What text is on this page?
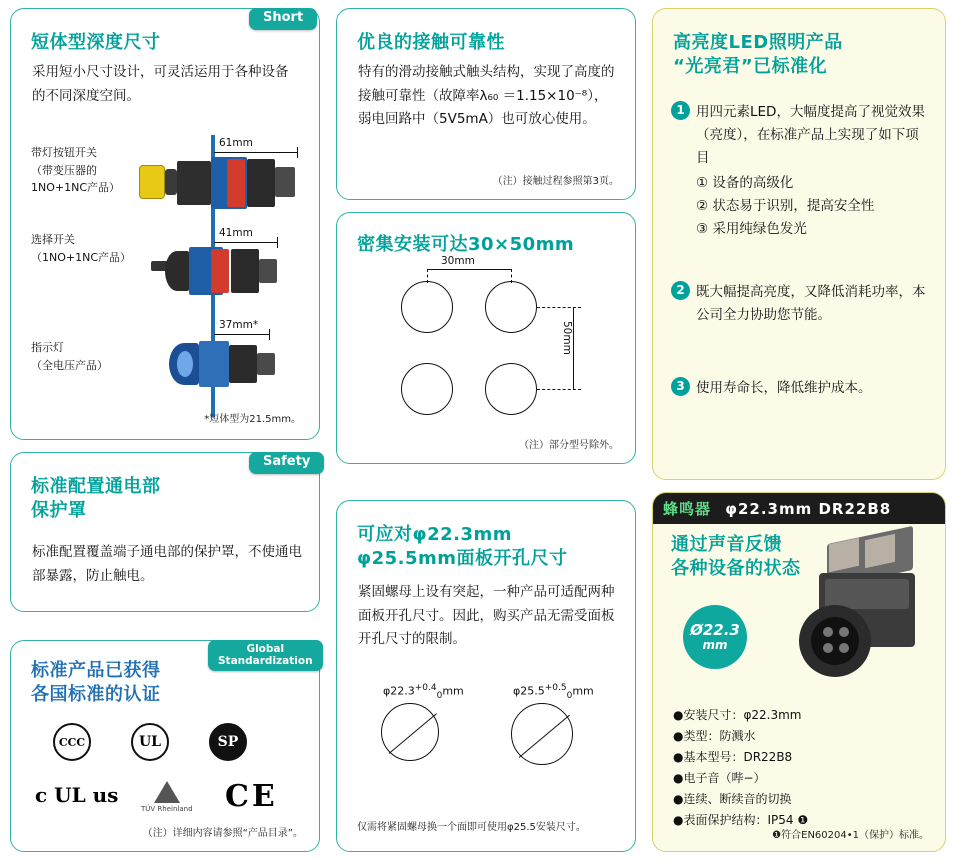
短体型深度尺寸
采用短小尺寸设计，可灵活运用于各种设备的不同深度空间。
带灯按钮开关
（带变压器的
1NO+1NC产品）
61mm
选择开关
（1NO+1NC产品）
41mm
指示灯
（全电压产品）
37mm*
*短体型为21.5mm。
Short
标准配置通电部
保护罩
标准配置覆盖端子通电部的保护罩，不使通电部暴露，防止触电。
Safety
标准产品已获得
各国标准的认证
CCC	UL	SP
c UL us
TÜV Rheinland CE
（注）详细内容请参照“产品目录”。
Global
Standardization
优良的接触可靠性
特有的滑动接触式触头结构，实现了高度的接触可靠性（故障率λ₆₀ ＝1.15×10⁻⁸），弱电回路中（5V5mA）也可放心使用。
（注）接触过程参照第3页。
密集安装可达30×50mm
30mm
50mm
（注）部分型号除外。
可应对φ22.3mm
φ25.5mm面板开孔尺寸
紧固螺母上设有突起，一种产品可适配两种面板开孔尺寸。因此，购买产品无需受面板开孔尺寸的限制。
φ22.3$^{+0.4}_0$mm	φ25.5$^{+0.5}_0$mm
仅需将紧固螺母换一个面即可使用φ25.5安装尺寸。
高亮度LED照明产品
“光亮君”已标准化
1 用四元素LED，大幅度提高了视觉效果（亮度），在标准产品上实现了如下项目
① 设备的高级化
② 状态易于识别，提高安全性
③ 采用纯绿色发光
2 既大幅提高亮度，又降低消耗功率，本公司全力协助您节能。
3 使用寿命长，降低维护成本。
蜂鸣器 φ22.3mm DR22B8
通过声音反馈
各种设备的状态
Ø22.3
mm
●安装尺寸：φ22.3mm
●类型：防溅水
●基本型号：DR22B8
●电子音（哔−）
●连续、断续音的切换
●表面保护结构：IP54 ❶
❶符合EN60204•1（保护）标准。
